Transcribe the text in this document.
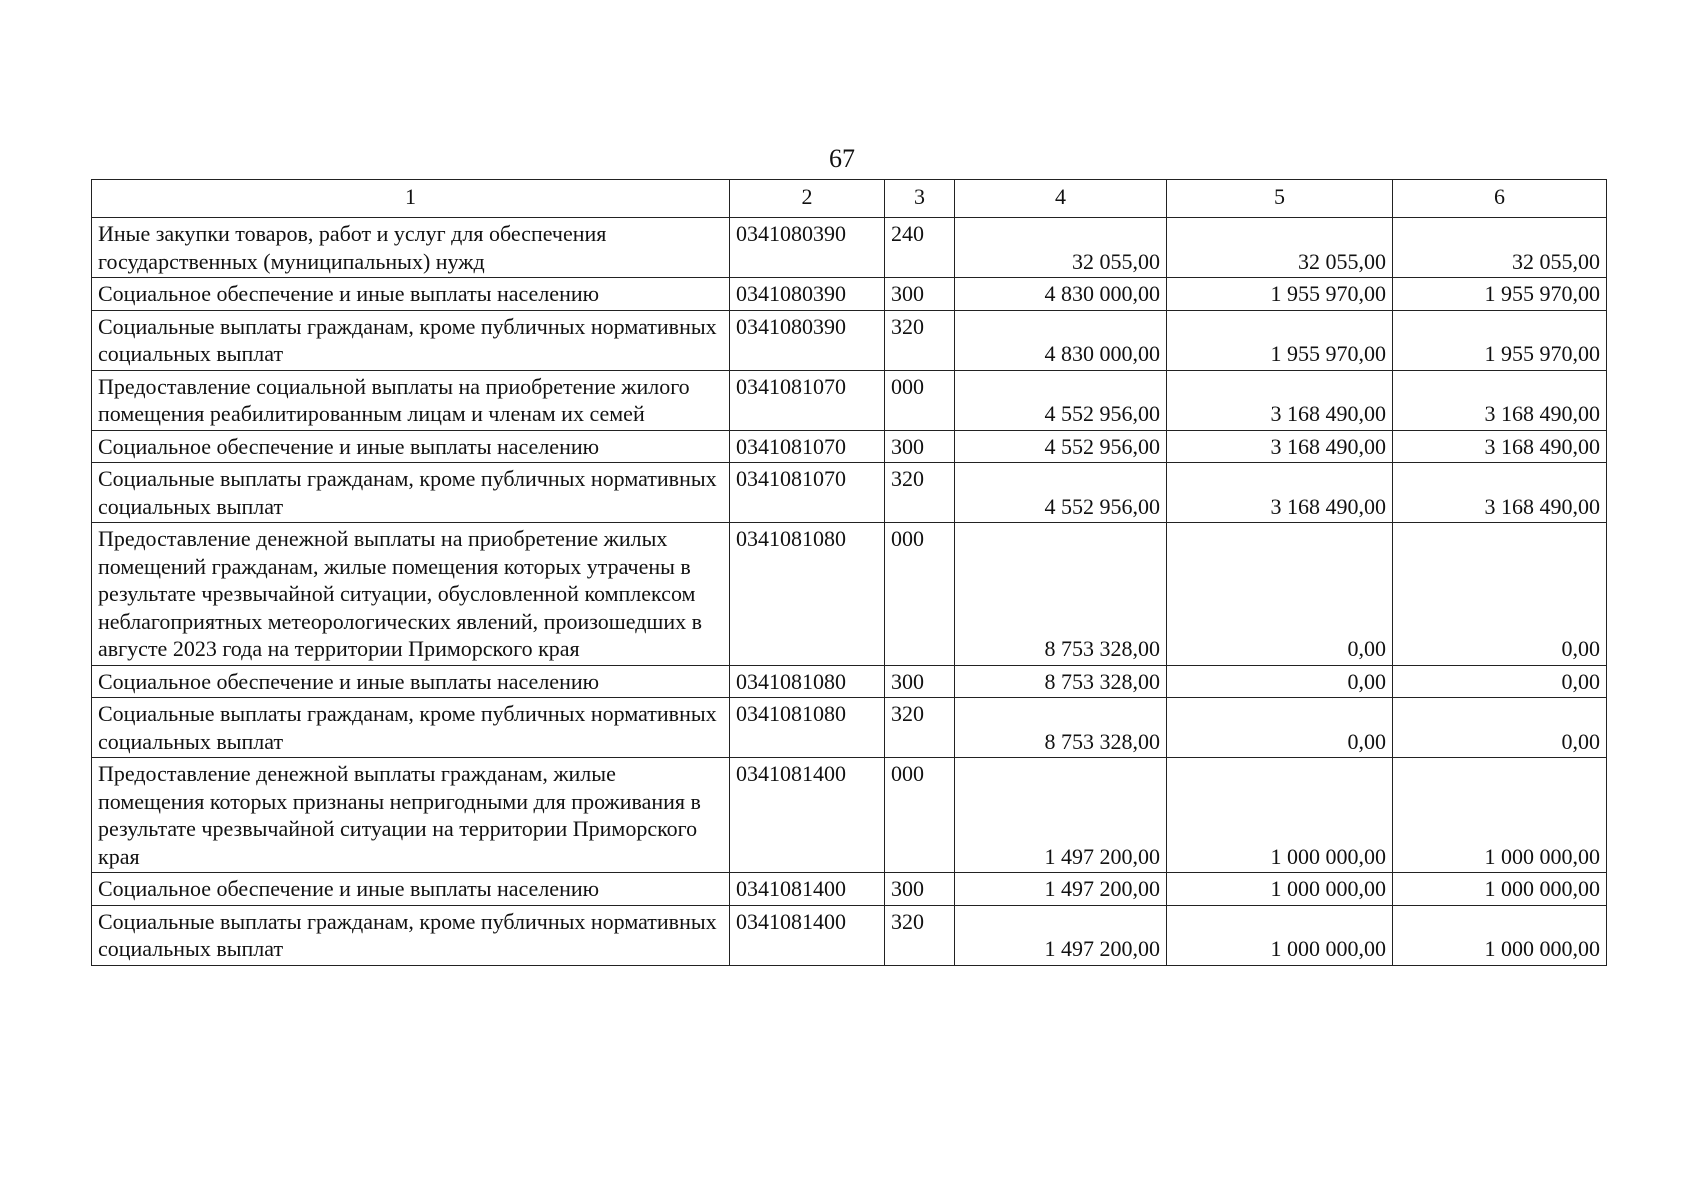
67
1	2	3	4	5	6
Иные закупки товаров, работ и услуг для обеспечения государственных (муниципальных) нужд	0341080390	240	32 055,00	32 055,00	32 055,00
Социальное обеспечение и иные выплаты населению	0341080390	300	4 830 000,00	1 955 970,00	1 955 970,00
Социальные выплаты гражданам, кроме публичных нормативных социальных выплат	0341080390	320	4 830 000,00	1 955 970,00	1 955 970,00
Предоставление социальной выплаты на приобретение жилого помещения реабилитированным лицам и членам их семей	0341081070	000	4 552 956,00	3 168 490,00	3 168 490,00
Социальное обеспечение и иные выплаты населению	0341081070	300	4 552 956,00	3 168 490,00	3 168 490,00
Социальные выплаты гражданам, кроме публичных нормативных социальных выплат	0341081070	320	4 552 956,00	3 168 490,00	3 168 490,00
Предоставление денежной выплаты на приобретение жилых помещений гражданам, жилые помещения которых утрачены в результате чрезвычайной ситуации, обусловленной комплексом неблагоприятных метеорологических явлений, произошедших в августе 2023 года на территории Приморского края	0341081080	000	8 753 328,00	0,00	0,00
Социальное обеспечение и иные выплаты населению	0341081080	300	8 753 328,00	0,00	0,00
Социальные выплаты гражданам, кроме публичных нормативных социальных выплат	0341081080	320	8 753 328,00	0,00	0,00
Предоставление денежной выплаты гражданам, жилые помещения которых признаны непригодными для проживания в результате чрезвычайной ситуации на территории Приморского края	0341081400	000	1 497 200,00	1 000 000,00	1 000 000,00
Социальное обеспечение и иные выплаты населению	0341081400	300	1 497 200,00	1 000 000,00	1 000 000,00
Социальные выплаты гражданам, кроме публичных нормативных социальных выплат	0341081400	320	1 497 200,00	1 000 000,00	1 000 000,00
